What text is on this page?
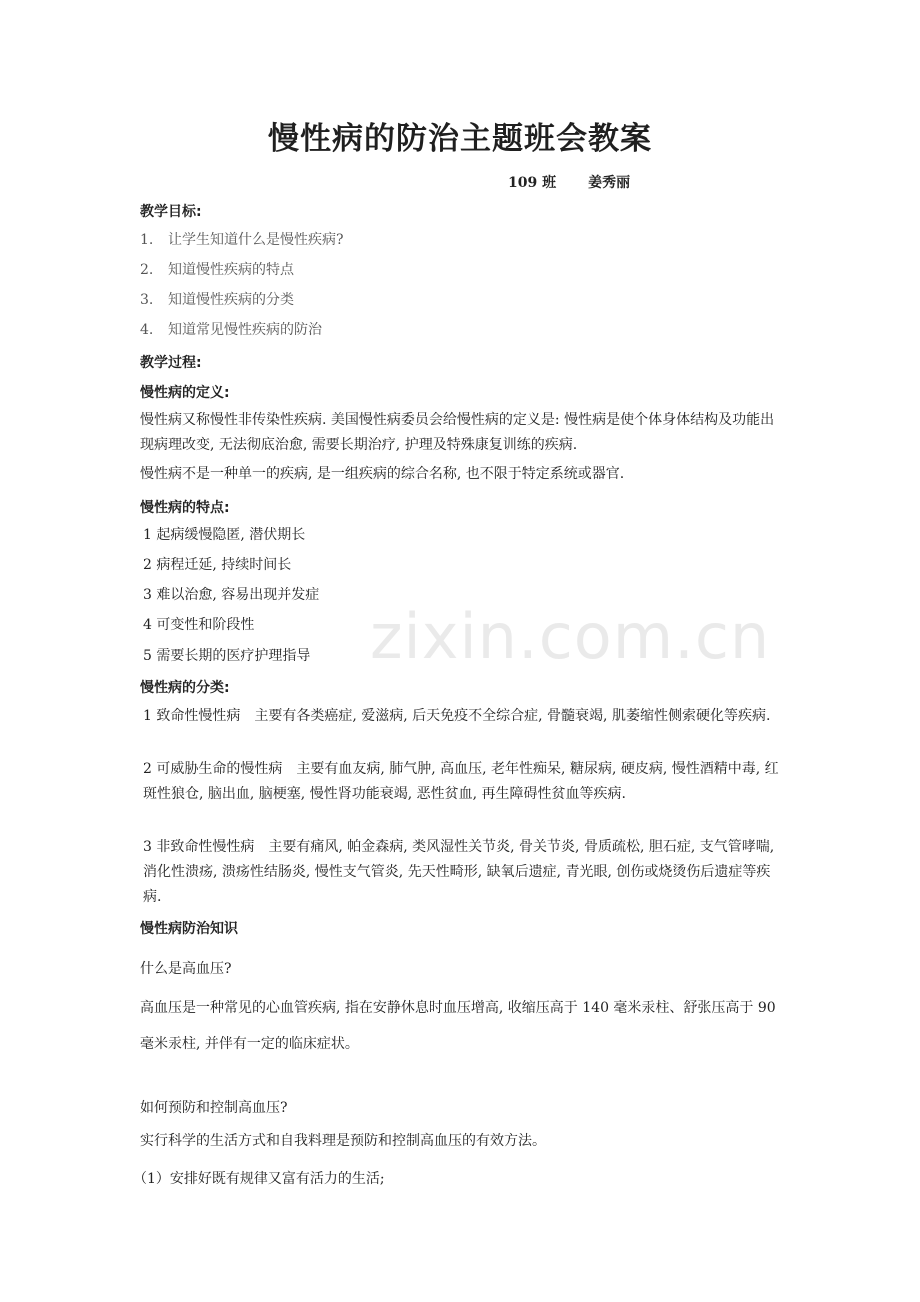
慢性病的防治主题班会教案
109 班 姜秀丽
教学目标:
1. 让学生知道什么是慢性疾病?
2. 知道慢性疾病的特点
3. 知道慢性疾病的分类
4. 知道常见慢性疾病的防治
教学过程:
慢性病的定义:
慢性病又称慢性非传染性疾病. 美国慢性病委员会给慢性病的定义是: 慢性病是使个体身体结构及功能出现病理改变, 无法彻底治愈, 需要长期治疗, 护理及特殊康复训练的疾病.
慢性病不是一种单一的疾病, 是一组疾病的综合名称, 也不限于特定系统或器官.
慢性病的特点:
1 起病缓慢隐匿, 潜伏期长
2 病程迁延, 持续时间长
3 难以治愈, 容易出现并发症
4 可变性和阶段性
5 需要长期的医疗护理指导
慢性病的分类:
1 致命性慢性病　主要有各类癌症, 爱滋病, 后天免疫不全综合症, 骨髓衰竭, 肌萎缩性侧索硬化等疾病.
2 可威胁生命的慢性病　主要有血友病, 肺气肿, 高血压, 老年性痴呆, 糖尿病, 硬皮病, 慢性酒精中毒, 红斑性狼仓, 脑出血, 脑梗塞, 慢性肾功能衰竭, 恶性贫血, 再生障碍性贫血等疾病.
3 非致命性慢性病　主要有痛风, 帕金森病, 类风湿性关节炎, 骨关节炎, 骨质疏松, 胆石症, 支气管哮喘, 消化性溃疡, 溃疡性结肠炎, 慢性支气管炎, 先天性畸形, 缺氧后遗症, 青光眼, 创伤或烧烫伤后遗症等疾病.
慢性病防治知识
什么是高血压?
高血压是一种常见的心血管疾病, 指在安静休息时血压增高, 收缩压高于 140 毫米汞柱、舒张压高于 90 毫米汞柱, 并伴有一定的临床症状。
如何预防和控制高血压?
实行科学的生活方式和自我料理是预防和控制高血压的有效方法。
（1）安排好既有规律又富有活力的生活;
zixin.com.cn
